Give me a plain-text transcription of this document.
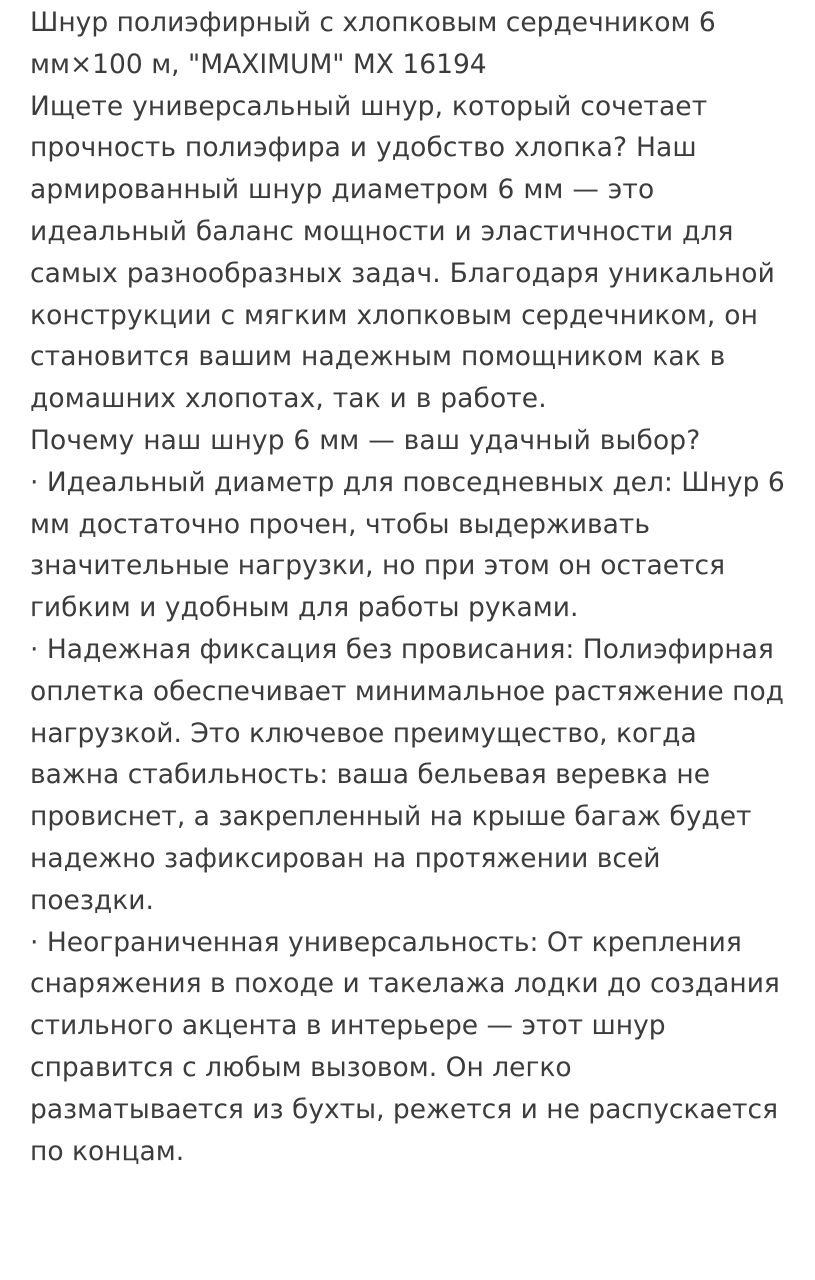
Шнур полиэфирный с хлопковым сердечником 6 мм×100 м, "MAXIMUM" MX 16194

Ищете универсальный шнур, который сочетает прочность полиэфира и удобство хлопка? Наш армированный шнур диаметром 6 мм — это идеальный баланс мощности и эластичности для самых разнообразных задач. Благодаря уникальной конструкции с мягким хлопковым сердечником, он становится вашим надежным помощником как в домашних хлопотах, так и в работе.

Почему наш шнур 6 мм — ваш удачный выбор?

· Идеальный диаметр для повседневных дел: Шнур 6 мм достаточно прочен, чтобы выдерживать значительные нагрузки, но при этом он остается гибким и удобным для работы руками.

· Надежная фиксация без провисания: Полиэфирная оплетка обеспечивает минимальное растяжение под нагрузкой. Это ключевое преимущество, когда важна стабильность: ваша бельевая веревка не провиснет, а закрепленный на крыше багаж будет надежно зафиксирован на протяжении всей поездки.

· Неограниченная универсальность: От крепления снаряжения в походе и такелажа лодки до создания стильного акцента в интерьере — этот шнур справится с любым вызовом. Он легко разматывается из бухты, режется и не распускается по концам.
